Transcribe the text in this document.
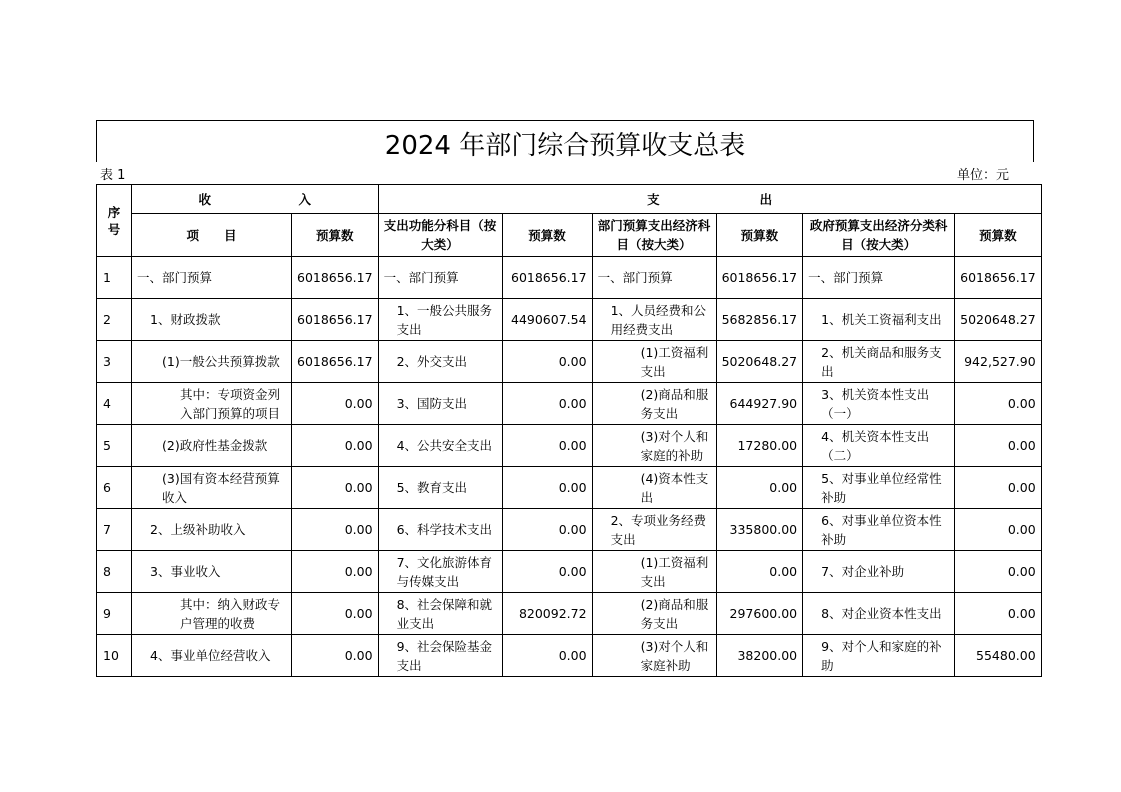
2024 年部门综合预算收支总表
表 1	单位：元
序号	收　　　　　　　入		支　　　　　　　　出					
	项　　目	预算数	支出功能分科目（按大类）	预算数	部门预算支出经济科目（按大类）	预算数	政府预算支出经济分类科目（按大类）	预算数
1	一、部门预算	6018656.17	一、部门预算	6018656.17	一、部门预算	6018656.17	一、部门预算	6018656.17
2	1、财政拨款	6018656.17	1、一般公共服务支出	4490607.54	1、人员经费和公用经费支出	5682856.17	1、机关工资福利支出	5020648.27
3	(1)一般公共预算拨款	6018656.17	2、外交支出	0.00	(1)工资福利支出	5020648.27	2、机关商品和服务支出	942,527.90
4	其中：专项资金列入部门预算的项目	0.00	3、国防支出	0.00	(2)商品和服务支出	644927.90	3、机关资本性支出（一）	0.00
5	(2)政府性基金拨款	0.00	4、公共安全支出	0.00	(3)对个人和家庭的补助	17280.00	4、机关资本性支出（二）	0.00
6	(3)国有资本经营预算收入	0.00	5、教育支出	0.00	(4)资本性支出	0.00	5、对事业单位经常性补助	0.00
7	2、上级补助收入	0.00	6、科学技术支出	0.00	2、专项业务经费支出	335800.00	6、对事业单位资本性补助	0.00
8	3、事业收入	0.00	7、文化旅游体育与传媒支出	0.00	(1)工资福利支出	0.00	7、对企业补助	0.00
9	其中：纳入财政专户管理的收费	0.00	8、社会保障和就业支出	820092.72	(2)商品和服务支出	297600.00	8、对企业资本性支出	0.00
10	4、事业单位经营收入	0.00	9、社会保险基金支出	0.00	(3)对个人和家庭补助	38200.00	9、对个人和家庭的补助	55480.00
